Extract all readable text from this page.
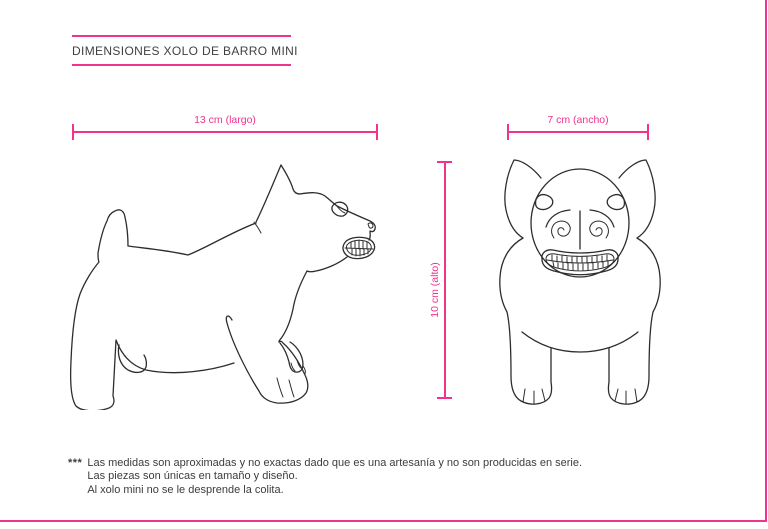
DIMENSIONES XOLO DE BARRO MINI
13 cm (largo)	7 cm (ancho)
10 cm (alto)
*** Las medidas son aproximadas y no exactas dado que es una artesanía y no son producidas en serie.
Las piezas son únicas en tamaño y diseño.
Al xolo mini no se le desprende la colita.
